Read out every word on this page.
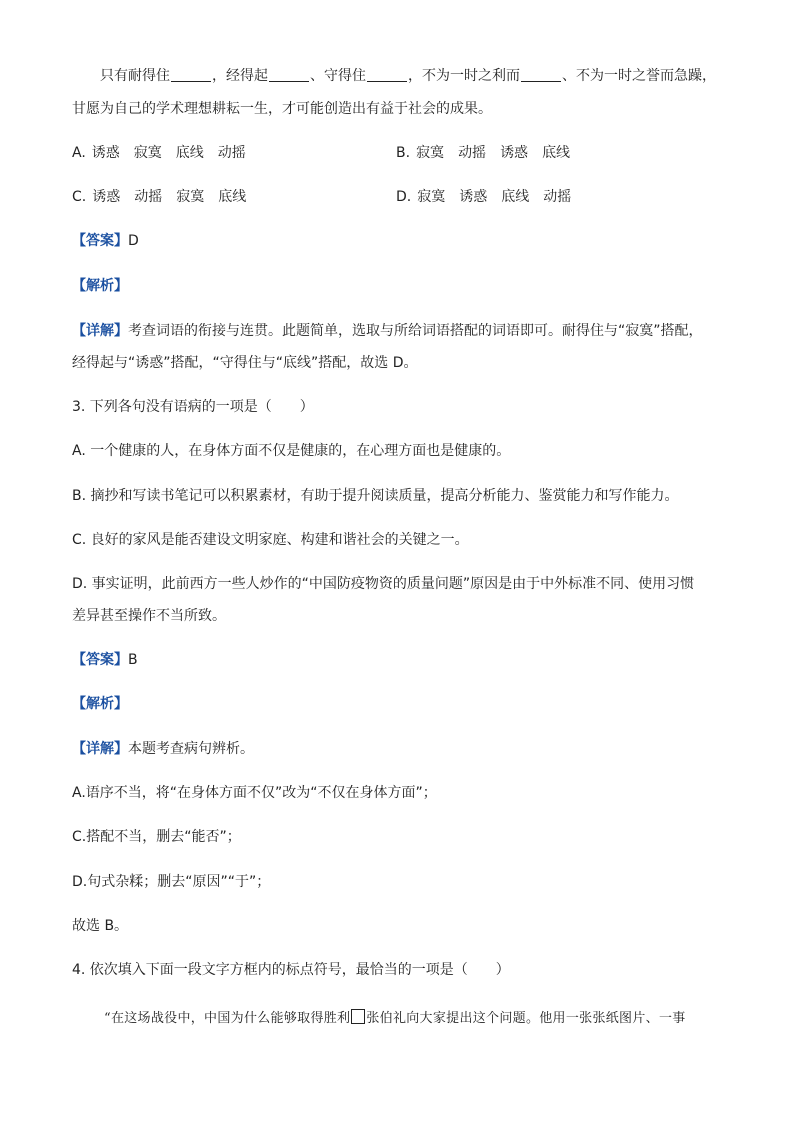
只有耐得住	，经得起	、守得住	，不为一时之利而	、不为一时之誉而急躁，
甘愿为自己的学术理想耕耘一生，才可能创造出有益于社会的成果。
A. 诱惑 寂寞 底线 动摇	B. 寂寞 动摇 诱惑 底线
C. 诱惑 动摇 寂寞 底线	D. 寂寞 诱惑 底线 动摇
【答案】D
【解析】
【详解】考查词语的衔接与连贯。此题简单，选取与所给词语搭配的词语即可。耐得住与“寂寞”搭配，
经得起与“诱惑”搭配，“守得住与“底线”搭配，故选 D。
3. 下列各句没有语病的一项是（　　）
A. 一个健康的人，在身体方面不仅是健康的，在心理方面也是健康的。
B. 摘抄和写读书笔记可以积累素材，有助于提升阅读质量，提高分析能力、鉴赏能力和写作能力。
C. 良好的家风是能否建设文明家庭、构建和谐社会的关键之一。
D. 事实证明，此前西方一些人炒作的“中国防疫物资的质量问题”原因是由于中外标准不同、使用习惯
差异甚至操作不当所致。
【答案】B
【解析】
【详解】本题考查病句辨析。
A.语序不当，将“在身体方面不仅”改为“不仅在身体方面”；
C.搭配不当，删去“能否”；
D.句式杂糅；删去“原因”“于”；
故选 B。
4. 依次填入下面一段文字方框内的标点符号，最恰当的一项是（　　）
“在这场战役中，中国为什么能够取得胜利 张伯礼向大家提出这个问题。他用一张张纸图片、一事
